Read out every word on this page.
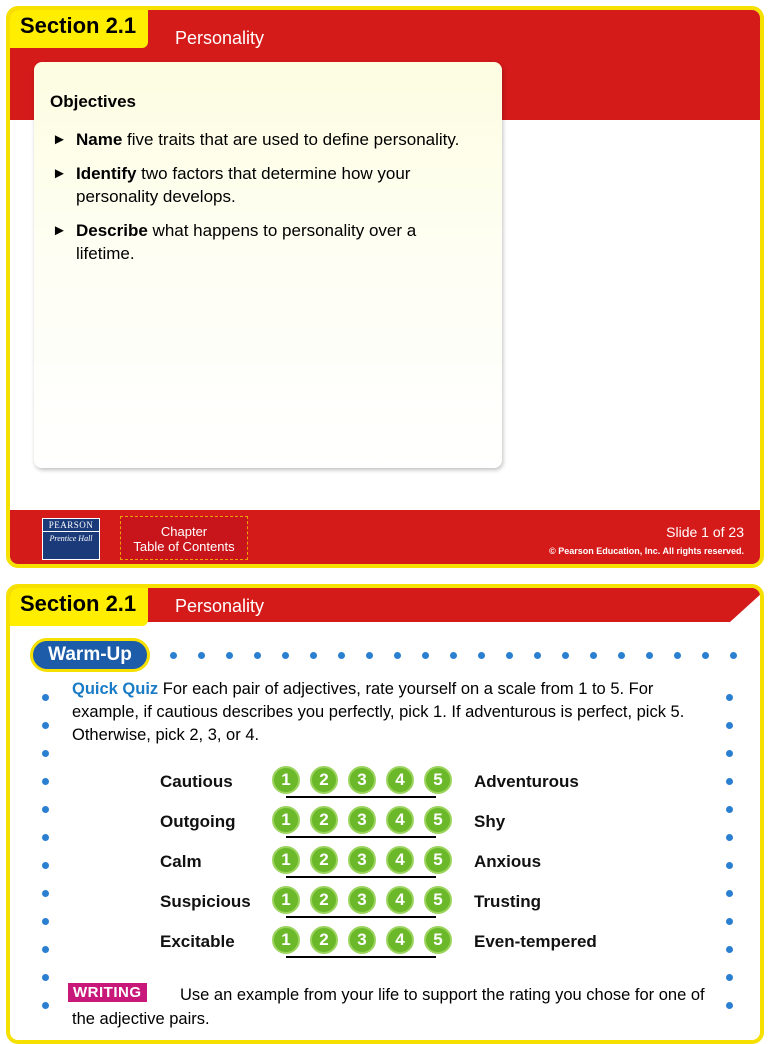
Section 2.1	Personality
Objectives
► Name five traits that are used to define personality.
► Identify two factors that determine how your personality develops.
► Describe what happens to personality over a lifetime.
PEARSON
Prentice Hall	Chapter
Table of Contents
Slide 1 of 23
© Pearson Education, Inc. All rights reserved.
Section 2.1	Personality
Warm-Up
Quick Quiz For each pair of adjectives, rate yourself on a scale from 1 to 5. For example, if cautious describes you perfectly, pick 1. If adventurous is perfect, pick 5. Otherwise, pick 2, 3, or 4.
Cautious	1	2	3	4	5	Adventurous
Outgoing	1	2	3	4	5	Shy
Calm	1	2	3	4	5	Anxious
Suspicious	1	2	3	4	5	Trusting
Excitable	1	2	3	4	5	Even-tempered
Use an example from your life to support the rating you chose for one of the adjective pairs.
WRITING
